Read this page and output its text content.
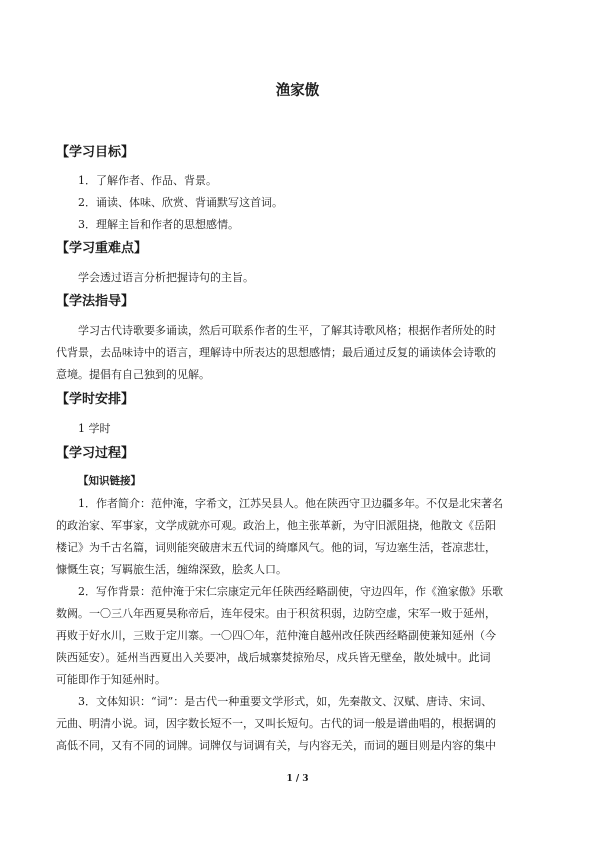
渔家傲
【学习目标】
1．了解作者、作品、背景。
2．诵读、体味、欣赏、背诵默写这首词。
3．理解主旨和作者的思想感情。
【学习重难点】
学会透过语言分析把握诗句的主旨。
【学法指导】
学习古代诗歌要多诵读，然后可联系作者的生平，了解其诗歌风格；根据作者所处的时
代背景，去品味诗中的语言，理解诗中所表达的思想感情；最后通过反复的诵读体会诗歌的
意境。提倡有自己独到的见解。
【学时安排】
1 学时
【学习过程】
【知识链接】
1．作者简介：范仲淹，字希文，江苏吴县人。他在陕西守卫边疆多年。不仅是北宋著名
的政治家、军事家，文学成就亦可观。政治上，他主张革新，为守旧派阻挠，他散文《岳阳
楼记》为千古名篇，词则能突破唐末五代词的绮靡风气。他的词，写边塞生活，苍凉悲壮，
慷慨生哀；写羁旅生活，缠绵深致，脍炙人口。
2．写作背景：范仲淹于宋仁宗康定元年任陕西经略副使，守边四年，作《渔家傲》乐歌
数阙。一〇三八年西夏昊称帝后，连年侵宋。由于积贫积弱，边防空虚，宋军一败于延州，
再败于好水川，三败于定川寨。一〇四〇年，范仲淹自越州改任陕西经略副使兼知延州（今
陕西延安）。延州当西夏出入关要冲，战后城寨焚掠殆尽，戍兵皆无壁垒，散处城中。此词
可能即作于知延州时。
3．文体知识：“词”：是古代一种重要文学形式，如，先秦散文、汉赋、唐诗、宋词、
元曲、明清小说。词，因字数长短不一，又叫长短句。古代的词一般是谱曲唱的，根据调的
高低不同，又有不同的词牌。词牌仅与词调有关，与内容无关，而词的题目则是内容的集中
1 / 3
